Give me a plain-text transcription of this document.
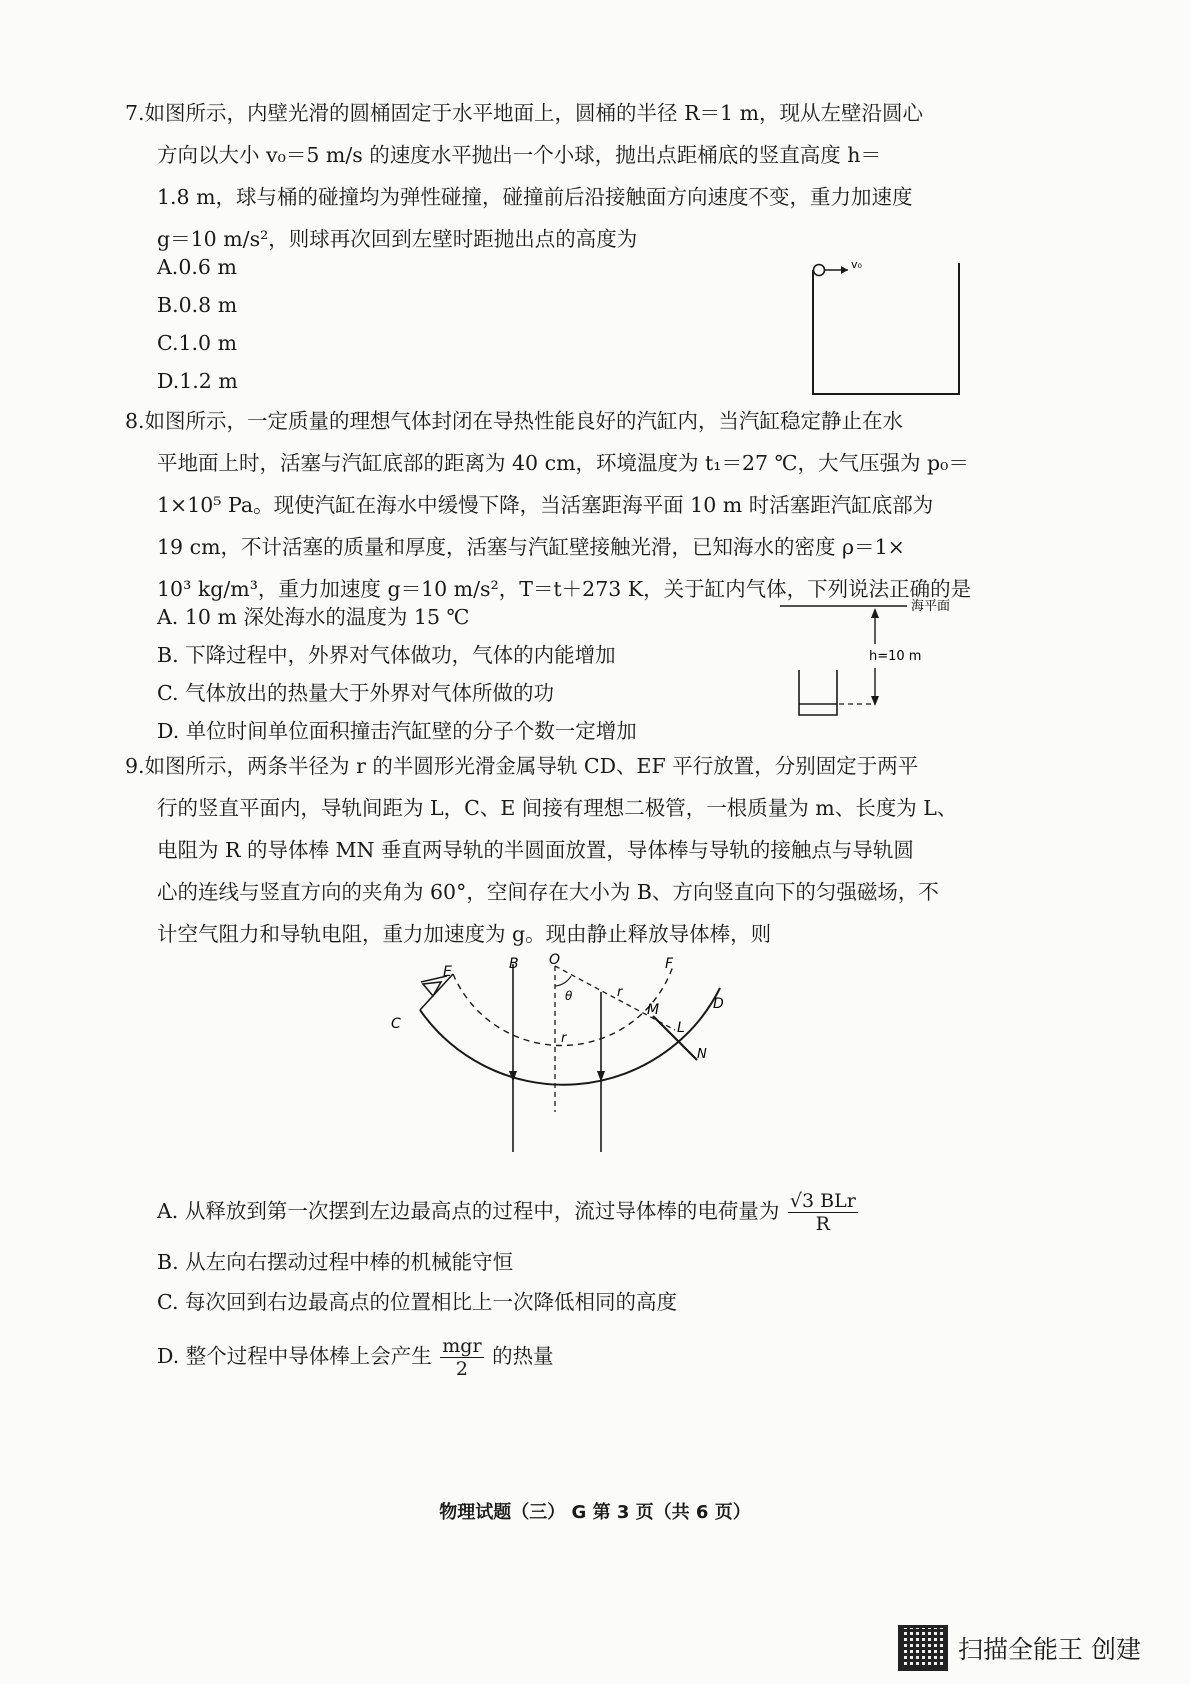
7.如图所示，内壁光滑的圆桶固定于水平地面上，圆桶的半径 R＝1 m，现从左壁沿圆心
方向以大小 v₀＝5 m/s 的速度水平抛出一个小球，抛出点距桶底的竖直高度 h＝
1.8 m，球与桶的碰撞均为弹性碰撞，碰撞前后沿接触面方向速度不变，重力加速度
g＝10 m/s²，则球再次回到左壁时距抛出点的高度为
A.0.6 m
B.0.8 m
C.1.0 m
D.1.2 m
v₀
8.如图所示，一定质量的理想气体封闭在导热性能良好的汽缸内，当汽缸稳定静止在水
平地面上时，活塞与汽缸底部的距离为 40 cm，环境温度为 t₁＝27 ℃，大气压强为 p₀＝
1×10⁵ Pa。现使汽缸在海水中缓慢下降，当活塞距海平面 10 m 时活塞距汽缸底部为
19 cm，不计活塞的质量和厚度，活塞与汽缸壁接触光滑，已知海水的密度 ρ＝1×
10³ kg/m³，重力加速度 g＝10 m/s²，T＝t＋273 K，关于缸内气体，下列说法正确的是
A. 10 m 深处海水的温度为 15 ℃
B. 下降过程中，外界对气体做功，气体的内能增加
C. 气体放出的热量大于外界对气体所做的功
D. 单位时间单位面积撞击汽缸壁的分子个数一定增加
海平面
h=10 m
9.如图所示，两条半径为 r 的半圆形光滑金属导轨 CD、EF 平行放置，分别固定于两平
行的竖直平面内，导轨间距为 L，C、E 间接有理想二极管，一根质量为 m、长度为 L、
电阻为 R 的导体棒 MN 垂直两导轨的半圆面放置，导体棒与导轨的接触点与导轨圆
心的连线与竖直方向的夹角为 60°，空间存在大小为 B、方向竖直向下的匀强磁场，不
计空气阻力和导轨电阻，重力加速度为 g。现由静止释放导体棒，则
E	B O	F
C
D
M
N
L
r
r
θ
A. 从释放到第一次摆到左边最高点的过程中，流过导体棒的电荷量为 $\frac{\text{√3 BLr}}{R}$
B. 从左向右摆动过程中棒的机械能守恒
C. 每次回到右边最高点的位置相比上一次降低相同的高度
D. 整个过程中导体棒上会产生 $\frac{\text{mgr}}{2}$ 的热量
物理试题（三） G 第 3 页（共 6 页）
扫描全能王 创建
